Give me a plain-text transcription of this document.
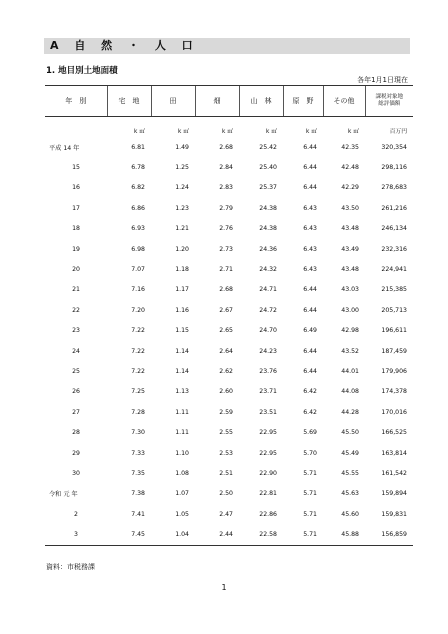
A 自 然 ・ 人 口
1. 地目別土地面積
各年1月1日現在
年　別	宅　地	田	畑	山　林	原　野	その他	課税対象地
総評価額

	k ㎡	k ㎡	k ㎡	k ㎡	k ㎡	k ㎡	百万円
平成 14 年	6.81	1.49	2.68	25.42	6.44	42.35	320,354
15	6.78	1.25	2.84	25.40	6.44	42.48	298,116
16	6.82	1.24	2.83	25.37	6.44	42.29	278,683
17	6.86	1.23	2.79	24.38	6.43	43.50	261,216
18	6.93	1.21	2.76	24.38	6.43	43.48	246,134
19	6.98	1.20	2.73	24.36	6.43	43.49	232,316
20	7.07	1.18	2.71	24.32	6.43	43.48	224,941
21	7.16	1.17	2.68	24.71	6.44	43.03	215,385
22	7.20	1.16	2.67	24.72	6.44	43.00	205,713
23	7.22	1.15	2.65	24.70	6.49	42.98	196,611
24	7.22	1.14	2.64	24.23	6.44	43.52	187,459
25	7.22	1.14	2.62	23.76	6.44	44.01	179,906
26	7.25	1.13	2.60	23.71	6.42	44.08	174,378
27	7.28	1.11	2.59	23.51	6.42	44.28	170,016
28	7.30	1.11	2.55	22.95	5.69	45.50	166,525
29	7.33	1.10	2.53	22.95	5.70	45.49	163,814
30	7.35	1.08	2.51	22.90	5.71	45.55	161,542
令和 元 年	7.38	1.07	2.50	22.81	5.71	45.63	159,894
2	7.41	1.05	2.47	22.86	5.71	45.60	159,831
3	7.45	1.04	2.44	22.58	5.71	45.88	156,859
資料：市税務課
1
